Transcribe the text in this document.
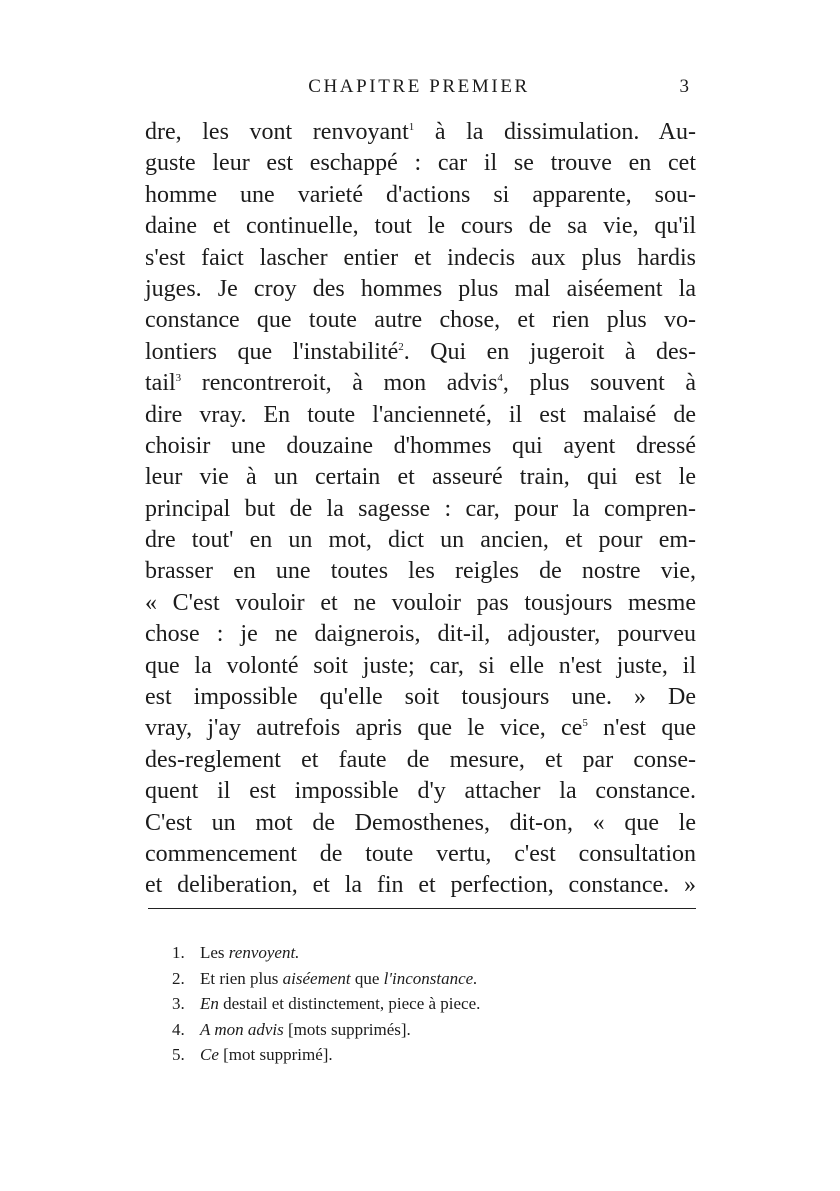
CHAPITRE PREMIER	3
dre, les vont renvoyant$^1$ à la dissimulation. Au-
guste leur est eschappé : car il se trouve en cet
homme une varieté d'actions si apparente, sou-
daine et continuelle, tout le cours de sa vie, qu'il
s'est faict lascher entier et indecis aux plus hardis
juges. Je croy des hommes plus mal aiséement la
constance que toute autre chose, et rien plus vo-
lontiers que l'instabilité$^2$. Qui en jugeroit à des-
tail$^3$ rencontreroit, à mon advis$^4$, plus souvent à
dire vray. En toute l'ancienneté, il est malaisé de
choisir une douzaine d'hommes qui ayent dressé
leur vie à un certain et asseuré train, qui est le
principal but de la sagesse : car, pour la compren-
dre tout' en un mot, dict un ancien, et pour em-
brasser en une toutes les reigles de nostre vie,
« C'est vouloir et ne vouloir pas tousjours mesme
chose : je ne daignerois, dit-il, adjouster, pourveu
que la volonté soit juste; car, si elle n'est juste, il
est impossible qu'elle soit tousjours une. » De
vray, j'ay autrefois apris que le vice, ce$^5$ n'est que
des-reglement et faute de mesure, et par conse-
quent il est impossible d'y attacher la constance.
C'est un mot de Demosthenes, dit-on, « que le
commencement de toute vertu, c'est consultation
et deliberation, et la fin et perfection, constance. »
1. Les renvoyent.
2. Et rien plus aiséement que l'inconstance.
3. En destail et distinctement, piece à piece.
4. A mon advis [mots supprimés].
5. Ce [mot supprimé].
